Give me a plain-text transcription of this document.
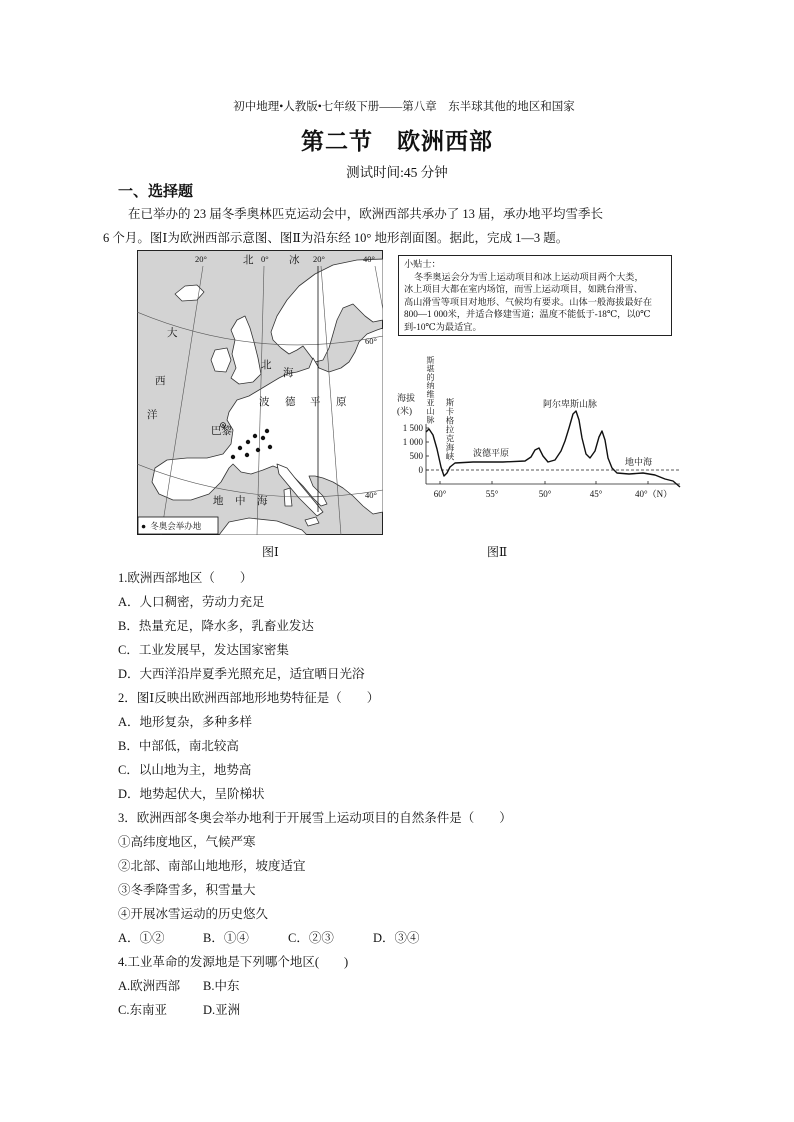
初中地理•人教版•七年级下册——第八章　东半球其他的地区和国家
第二节　欧洲西部
测试时间:45 分钟
一、选择题
在已举办的 23 届冬季奥林匹克运动会中，欧洲西部共承办了 13 届，承办地平均雪季长
6 个月。图Ⅰ为欧洲西部示意图、图Ⅱ为沿东经 10° 地形剖面图。据此，完成 1—3 题。
20°	北 0° 冰 20°	40°
大
西
洋
北
海
60°
波 德 平 原
巴黎
地 中 海
40°
● 冬奥会举办地
小贴士：
冬季奥运会分为雪上运动项目和冰上运动项目两个大类，
冰上项目大都在室内场馆，而雪上运动项目，如跳台滑雪、
高山滑雪等项目对地形、气候均有要求。山体一般海拔最好在
800—1 000米，并适合修建雪道；温度不能低于-18℃，以0℃
到-10℃为最适宜。
海拔
(米)
1 500
1 000
500
0
斯堪的纳维亚山脉
斯卡格拉克海峡 波德平原
阿尔卑斯山脉
地中海
60°	55°	50°	45°	40°（N）
图Ⅰ	图Ⅱ
1.欧洲西部地区（　　）
A．人口稠密，劳动力充足
B．热量充足，降水多，乳畜业发达
C．工业发展早，发达国家密集
D．大西洋沿岸夏季光照充足，适宜晒日光浴
2．图Ⅰ反映出欧洲西部地形地势特征是（　　）
A．地形复杂，多种多样
B．中部低，南北较高
C．以山地为主，地势高
D．地势起伏大，呈阶梯状
3．欧洲西部冬奥会举办地利于开展雪上运动项目的自然条件是（　　）
①高纬度地区，气候严寒
②北部、南部山地地形，坡度适宜
③冬季降雪多，积雪量大
④开展冰雪运动的历史悠久
A．①②	B．①④	C．②③	D．③④
4.工业革命的发源地是下列哪个地区(　　)
A.欧洲西部 B.中东
C.东南亚	D.亚洲
